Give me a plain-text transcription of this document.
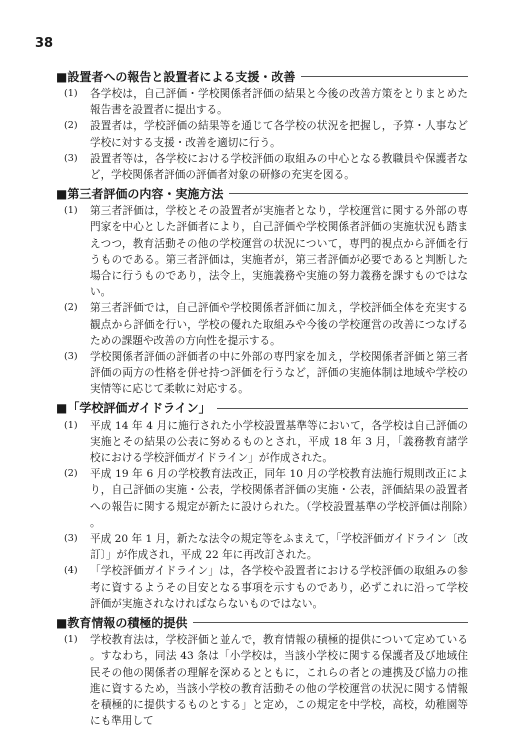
38
■設置者への報告と設置者による支援・改善
(1)	各学校は，自己評価・学校関係者評価の結果と今後の改善方策をとりまとめた報告書を設置者に提出する。
(2)	設置者は，学校評価の結果等を通じて各学校の状況を把握し，予算・人事など学校に対する支援・改善を適切に行う。
(3)	設置者等は，各学校における学校評価の取組みの中心となる教職員や保護者など，学校関係者評価の評価者対象の研修の充実を図る。
■第三者評価の内容・実施方法
(1)	第三者評価は，学校とその設置者が実施者となり，学校運営に関する外部の専門家を中心とした評価者により，自己評価や学校関係者評価の実施状況も踏まえつつ，教育活動その他の学校運営の状況について，専門的視点から評価を行うものである。第三者評価は，実施者が，第三者評価が必要であると判断した場合に行うものであり，法令上，実施義務や実施の努力義務を課すものではない。
(2)	第三者評価では，自己評価や学校関係者評価に加え，学校評価全体を充実する観点から評価を行い，学校の優れた取組みや今後の学校運営の改善につなげるための課題や改善の方向性を提示する。
(3)	学校関係者評価の評価者の中に外部の専門家を加え，学校関係者評価と第三者評価の両方の性格を併せ持つ評価を行うなど，評価の実施体制は地域や学校の実情等に応じて柔軟に対応する。
■「学校評価ガイドライン」
(1)	平成 14 年 4 月に施行された小学校設置基準等において，各学校は自己評価の実施とその結果の公表に努めるものとされ，平成 18 年 3 月，「義務教育諸学校における学校評価ガイドライン」が作成された。
(2)	平成 19 年 6 月の学校教育法改正，同年 10 月の学校教育法施行規則改正により，自己評価の実施・公表，学校関係者評価の実施・公表，評価結果の設置者への報告に関する規定が新たに設けられた。（学校設置基準の学校評価は削除）。
(3)	平成 20 年 1 月，新たな法令の規定等をふまえて，「学校評価ガイドライン〔改訂〕」が作成され，平成 22 年に再改訂された。
(4)	「学校評価ガイドライン」は，各学校や設置者における学校評価の取組みの参考に資するようその目安となる事項を示すものであり，必ずこれに沿って学校評価が実施されなければならないものではない。
■教育情報の積極的提供
(1)	学校教育法は，学校評価と並んで，教育情報の積極的提供について定めている。すなわち，同法 43 条は「小学校は，当該小学校に関する保護者及び地域住民その他の関係者の理解を深めるとともに，これらの者との連携及び協力の推進に資するため，当該小学校の教育活動その他の学校運営の状況に関する情報を積極的に提供するものとする」と定め，この規定を中学校，高校，幼稚園等にも準用して
